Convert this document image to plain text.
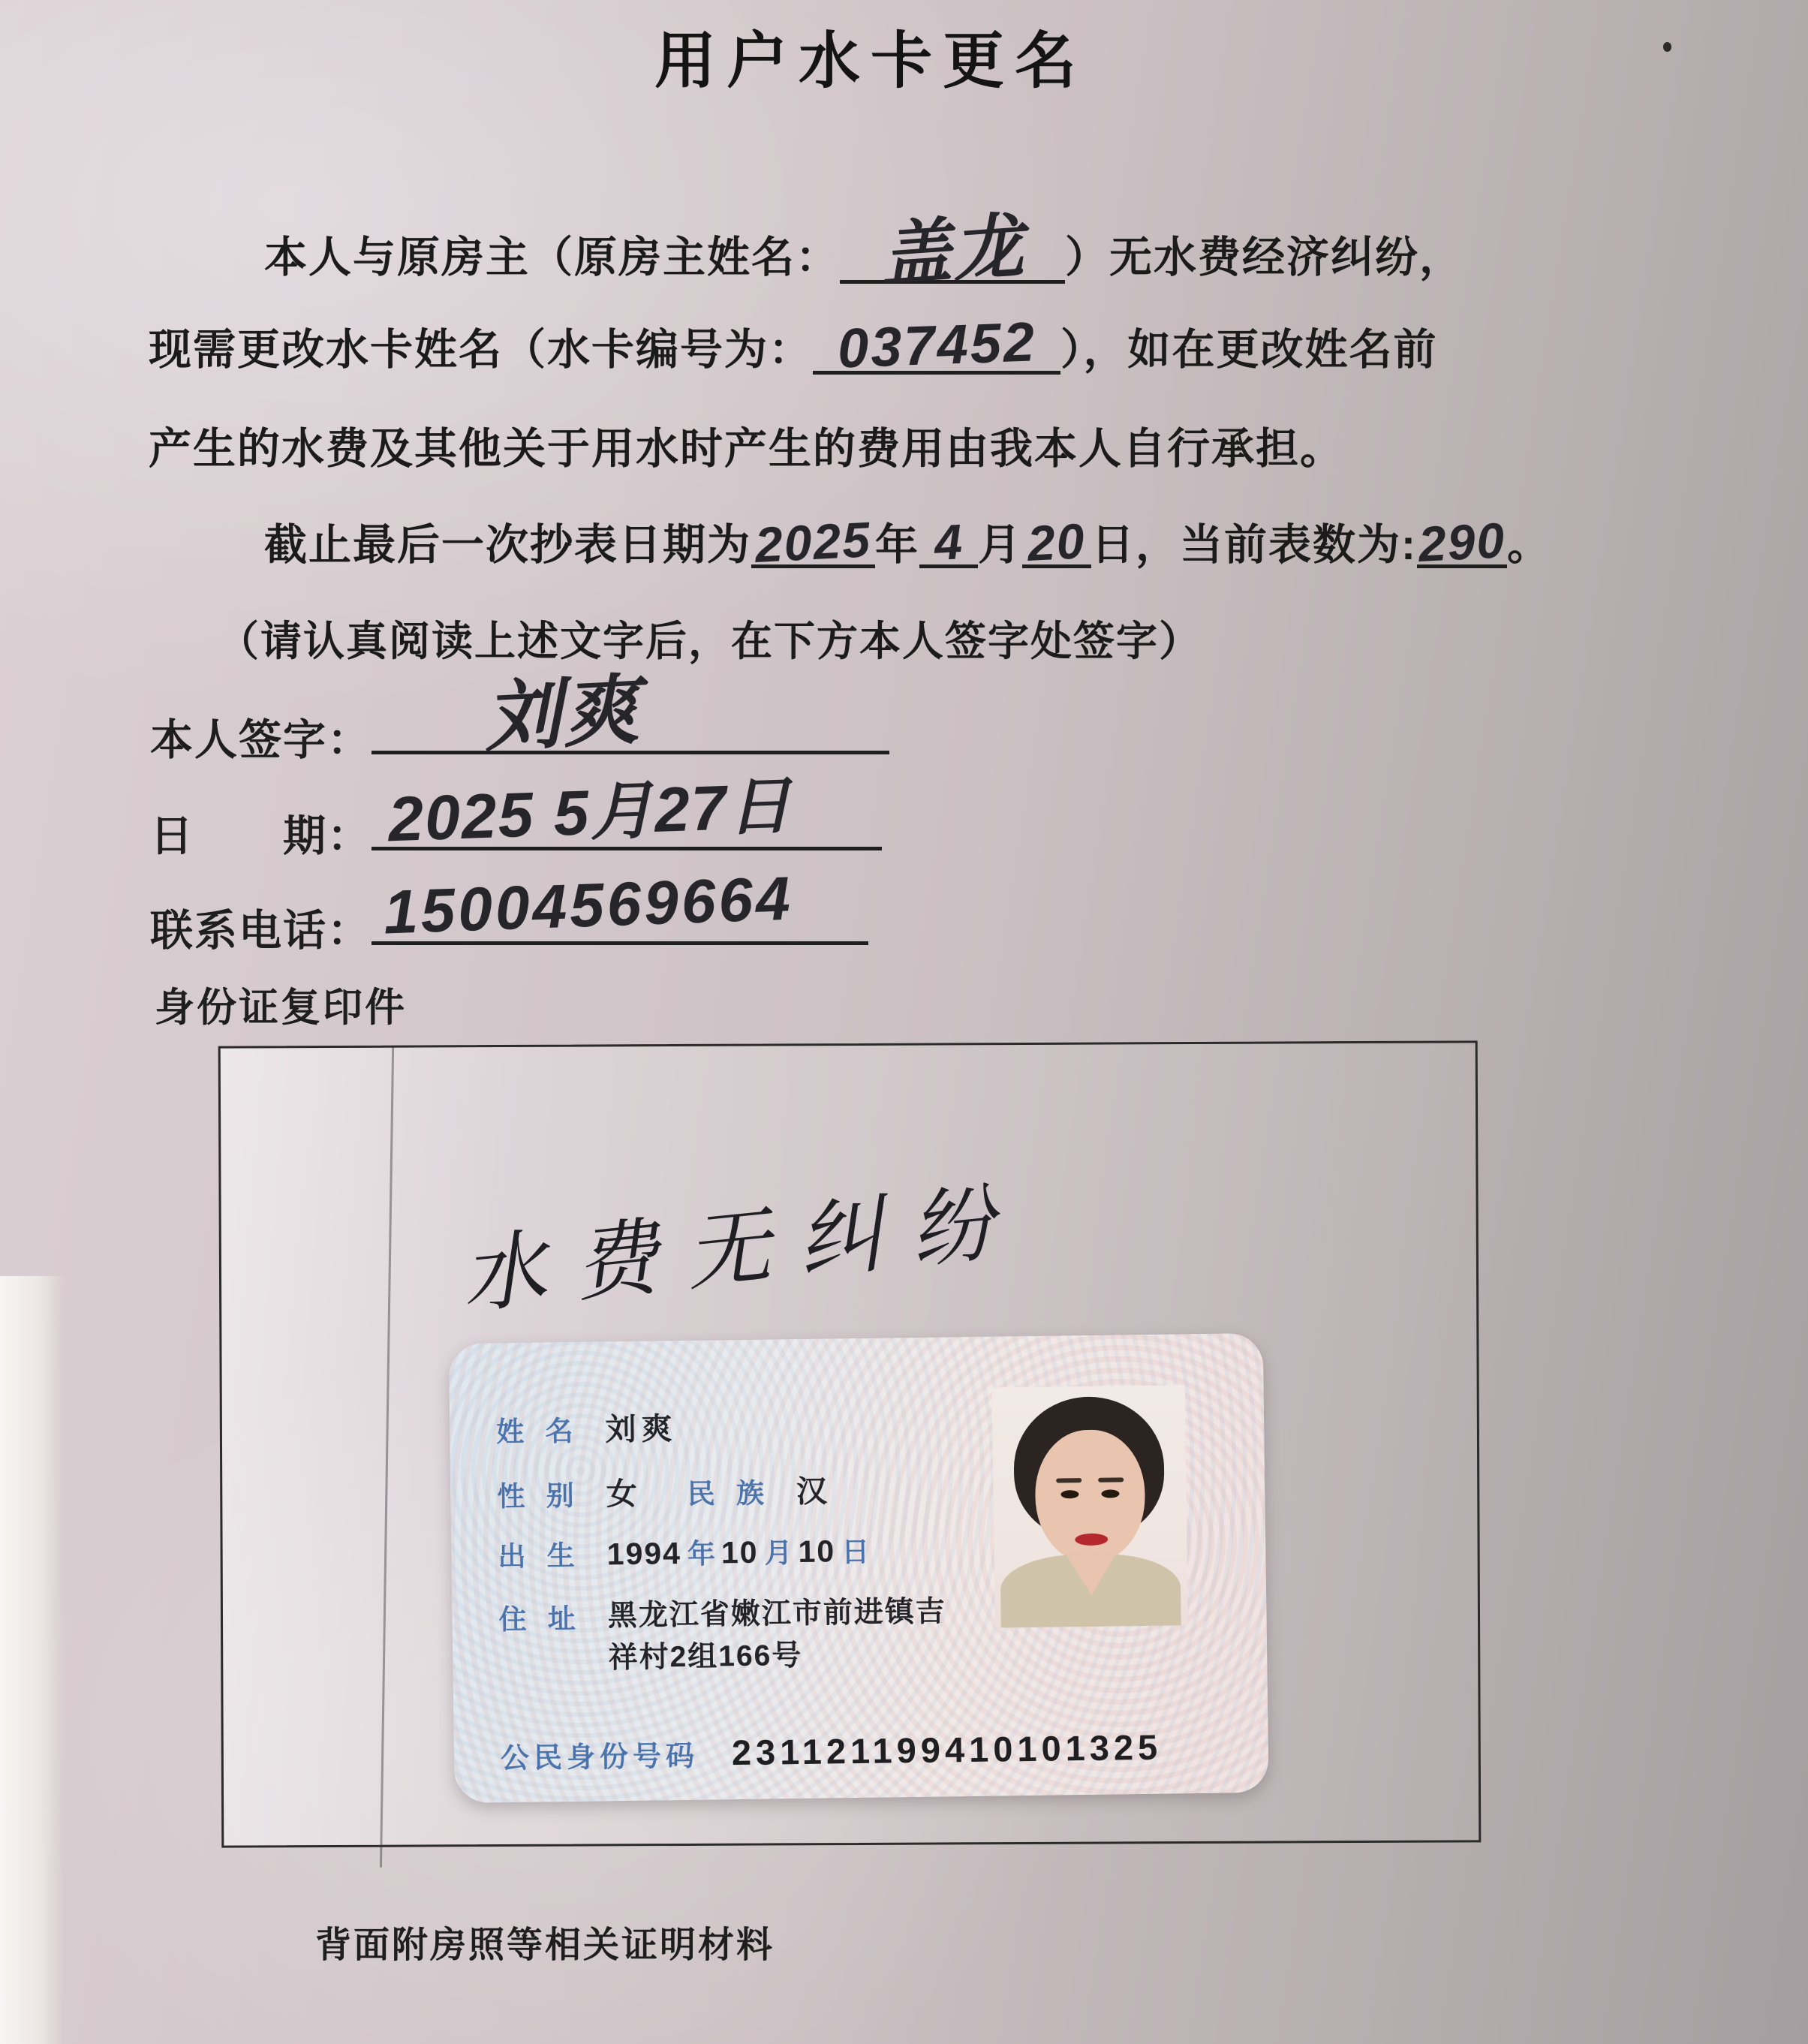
用户水卡更名
本人与原房主（原房主姓名： 盖龙 ）无水费经济纠纷，
现需更改水卡姓名（水卡编号为： 037452 ），如在更改姓名前
产生的水费及其他关于用水时产生的费用由我本人自行承担。
截止最后一次抄表日期为2025年 4 月20日，当前表数为:290。
（请认真阅读上述文字后，在下方本人签字处签字）
本人签字： 刘爽
日　　期： 2025 5月27日
联系电话： 15004569664
身份证复印件
水费无纠纷
姓 名 刘爽
性 别 女 民 族 汉
出 生 1994 年 10 月 10 日
住 址 黑龙江省嫩江市前进镇吉
祥村2组166号
公民身份号码 231121199410101325
背面附房照等相关证明材料
